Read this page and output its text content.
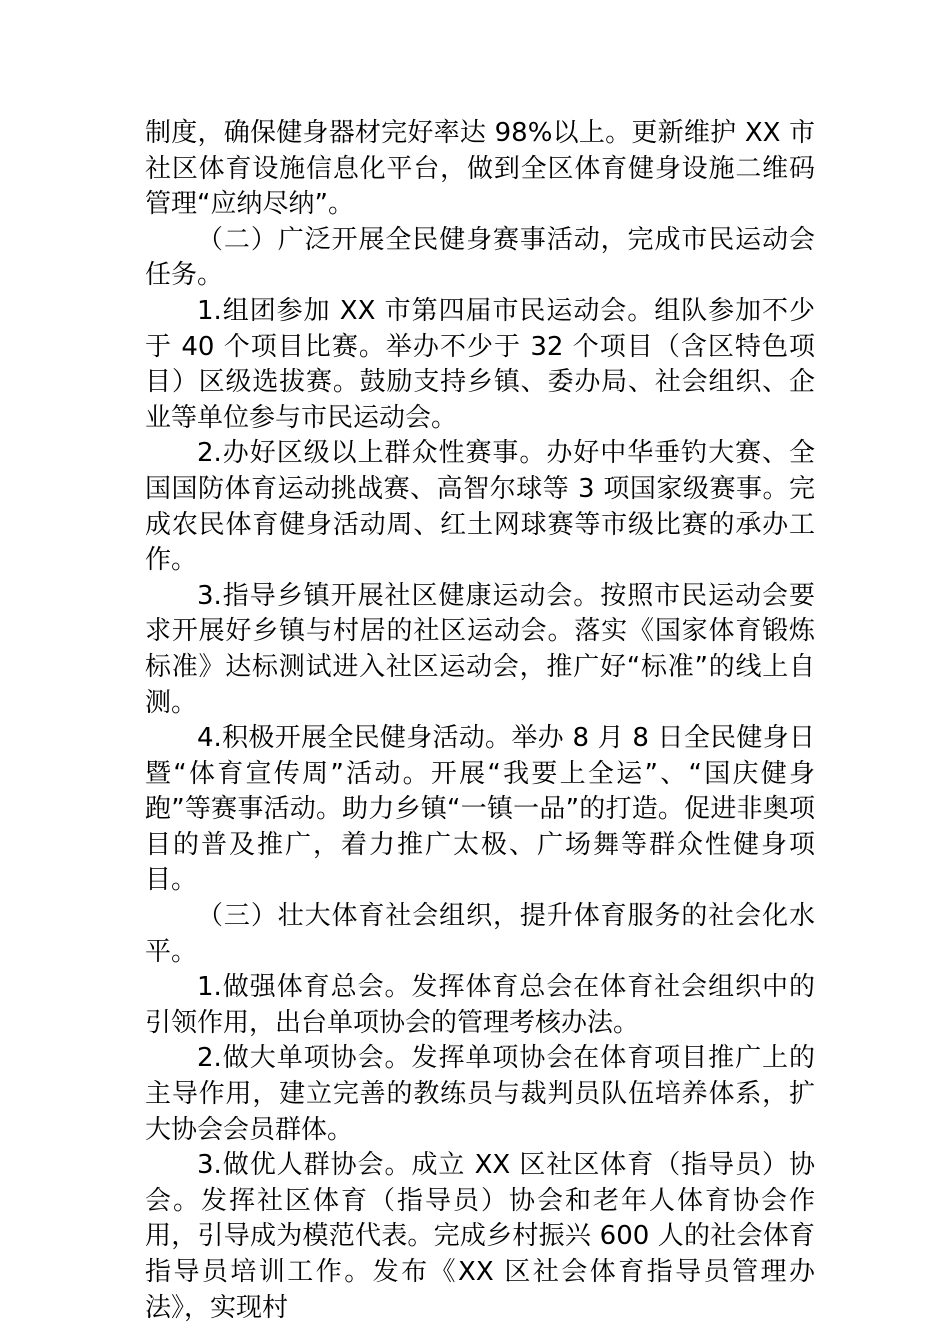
制度，确保健身器材完好率达 98%以上。更新维护 XX 市社区体育设施信息化平台，做到全区体育健身设施二维码管理“应纳尽纳”。

（二）广泛开展全民健身赛事活动，完成市民运动会任务。

1.组团参加 XX 市第四届市民运动会。组队参加不少于 40 个项目比赛。举办不少于 32 个项目（含区特色项目）区级选拔赛。鼓励支持乡镇、委办局、社会组织、企业等单位参与市民运动会。

2.办好区级以上群众性赛事。办好中华垂钓大赛、全国国防体育运动挑战赛、高智尔球等 3 项国家级赛事。完成农民体育健身活动周、红土网球赛等市级比赛的承办工作。

3.指导乡镇开展社区健康运动会。按照市民运动会要求开展好乡镇与村居的社区运动会。落实《国家体育锻炼标准》达标测试进入社区运动会，推广好“标准”的线上自测。

4.积极开展全民健身活动。举办 8 月 8 日全民健身日暨“体育宣传周”活动。开展“我要上全运”、“国庆健身跑”等赛事活动。助力乡镇“一镇一品”的打造。促进非奥项目的普及推广，着力推广太极、广场舞等群众性健身项目。

（三）壮大体育社会组织，提升体育服务的社会化水平。

1.做强体育总会。发挥体育总会在体育社会组织中的引领作用，出台单项协会的管理考核办法。

2.做大单项协会。发挥单项协会在体育项目推广上的主导作用，建立完善的教练员与裁判员队伍培养体系，扩大协会会员群体。

3.做优人群协会。成立 XX 区社区体育（指导员）协会。发挥社区体育（指导员）协会和老年人体育协会作用，引导成为模范代表。完成乡村振兴 600 人的社会体育指导员培训工作。发布《XX 区社会体育指导员管理办法》，实现村
